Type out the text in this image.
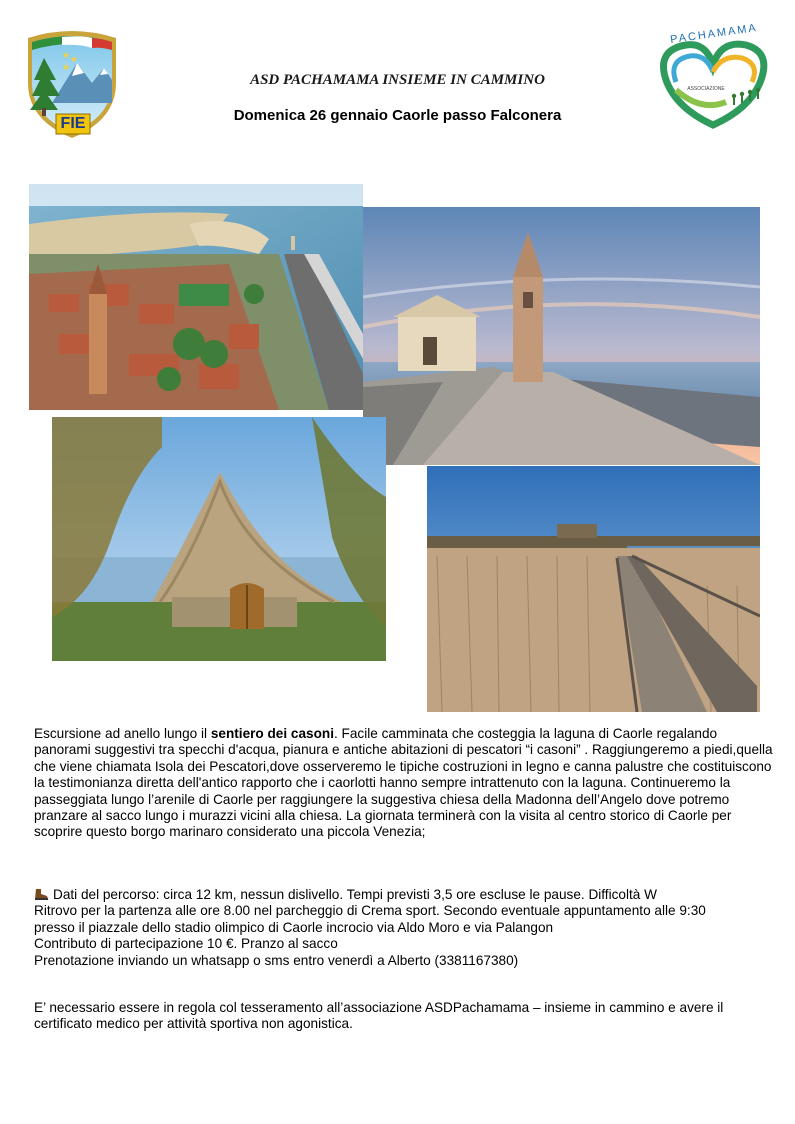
★
★
★
FIE
PACHAMAMA
ASSOCIAZIONE
ASD PACHAMAMA INSIEME IN CAMMINO
Domenica 26 gennaio Caorle passo Falconera

Escursione ad anello lungo il sentiero dei casoni. Facile camminata che costeggia la laguna di Caorle regalando panorami suggestivi tra specchi d'acqua, pianura e antiche abitazioni di pescatori “i casoni” . Raggiungeremo a piedi,quella che viene chiamata Isola dei Pescatori,dove osserveremo le tipiche costruzioni in legno e canna palustre che costituiscono la testimonianza diretta dell'antico rapporto che i caorlotti hanno sempre intrattenuto con la laguna. Continueremo la passeggiata lungo l’arenile di Caorle per raggiungere la suggestiva chiesa della Madonna dell’Angelo dove potremo pranzare al sacco lungo i murazzi vicini alla chiesa. La giornata terminerà con la visita al centro storico di Caorle per scoprire questo borgo marinaro considerato una piccola Venezia;

Dati del percorso: circa 12 km, nessun dislivello. Tempi previsti 3,5 ore escluse le pause. Difficoltà W

Ritrovo per la partenza alle ore 8.00 nel parcheggio di Crema sport. Secondo eventuale appuntamento alle 9:30

presso il piazzale dello stadio olimpico di Caorle incrocio via Aldo Moro e via Palangon

Contributo di partecipazione 10 €. Pranzo al sacco

Prenotazione inviando un whatsapp o sms entro venerdì a Alberto (3381167380)

E’ necessario essere in regola col tesseramento all’associazione ASDPachamama – insieme in cammino e avere il certificato medico per attività sportiva non agonistica.
